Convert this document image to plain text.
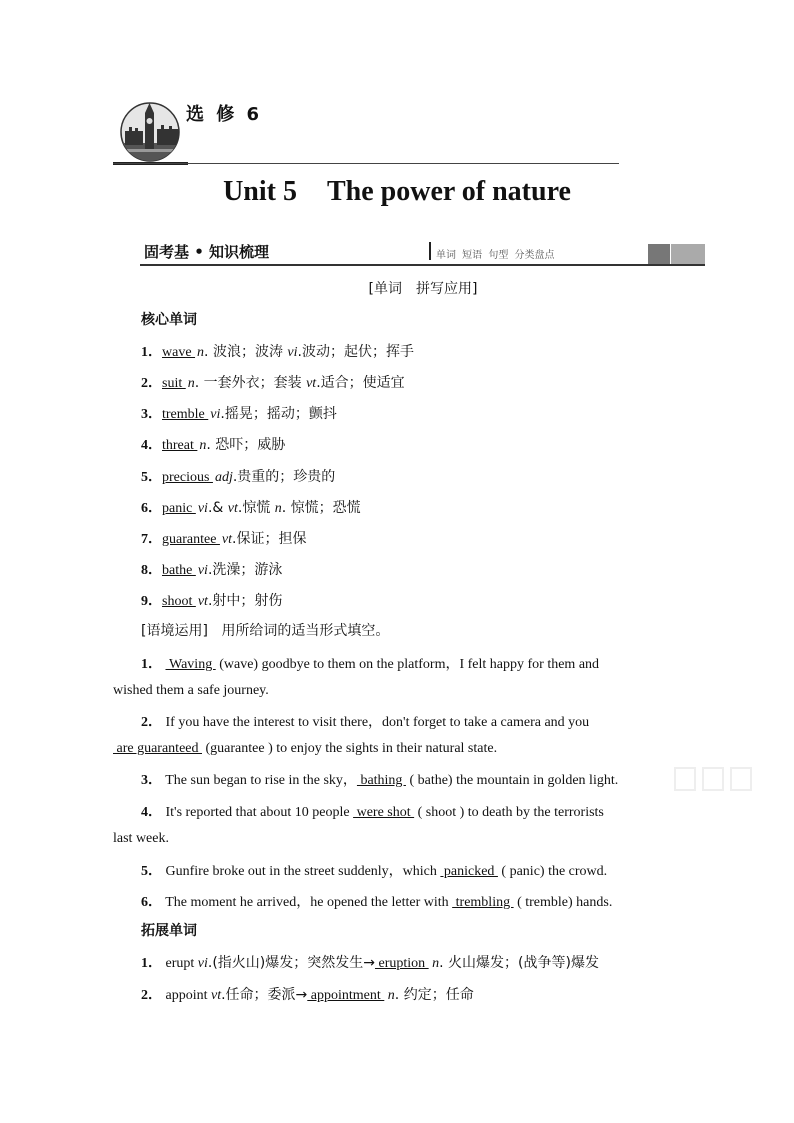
选 修 6
Unit 5 The power of nature
固考基 • 知识梳理	单词 短语 句型 分类盘点
[单词　拼写应用]
核心单词
1．wave n. 波浪；波涛 vi.波动；起伏；挥手
2．suit n. 一套外衣；套装 vt.适合；使适宜
3．tremble vi.摇晃；摇动；颤抖
4．threat n. 恐吓；威胁
5．precious adj.贵重的；珍贵的
6．panic vi.& vt.惊慌 n. 惊慌；恐慌
7．guarantee vt.保证；担保
8．bathe vi.洗澡；游泳
9．shoot vt.射中；射伤
[语境运用] 用所给词的适当形式填空。
1．  Waving  (wave) goodbye to them on the platform，I felt happy for them and
wished them a safe journey.
2． If you have the interest to visit there，don't forget to take a camera and you
are guaranteed  (guarantee ) to enjoy the sights in their natural state.
3． The sun began to rise in the sky， bathing  ( bathe) the mountain in golden light.
4． It's reported that about 10 people  were shot  ( shoot ) to death by the terrorists
last week.
5． Gunfire broke out in the street suddenly，which  panicked  ( panic) the crowd.
6． The moment he arrived，he opened the letter with  trembling  ( tremble) hands.
拓展单词
1． erupt vi.(指火山)爆发；突然发生→ eruption  n. 火山爆发；(战争等)爆发
2． appoint vt.任命；委派→ appointment  n. 约定；任命
